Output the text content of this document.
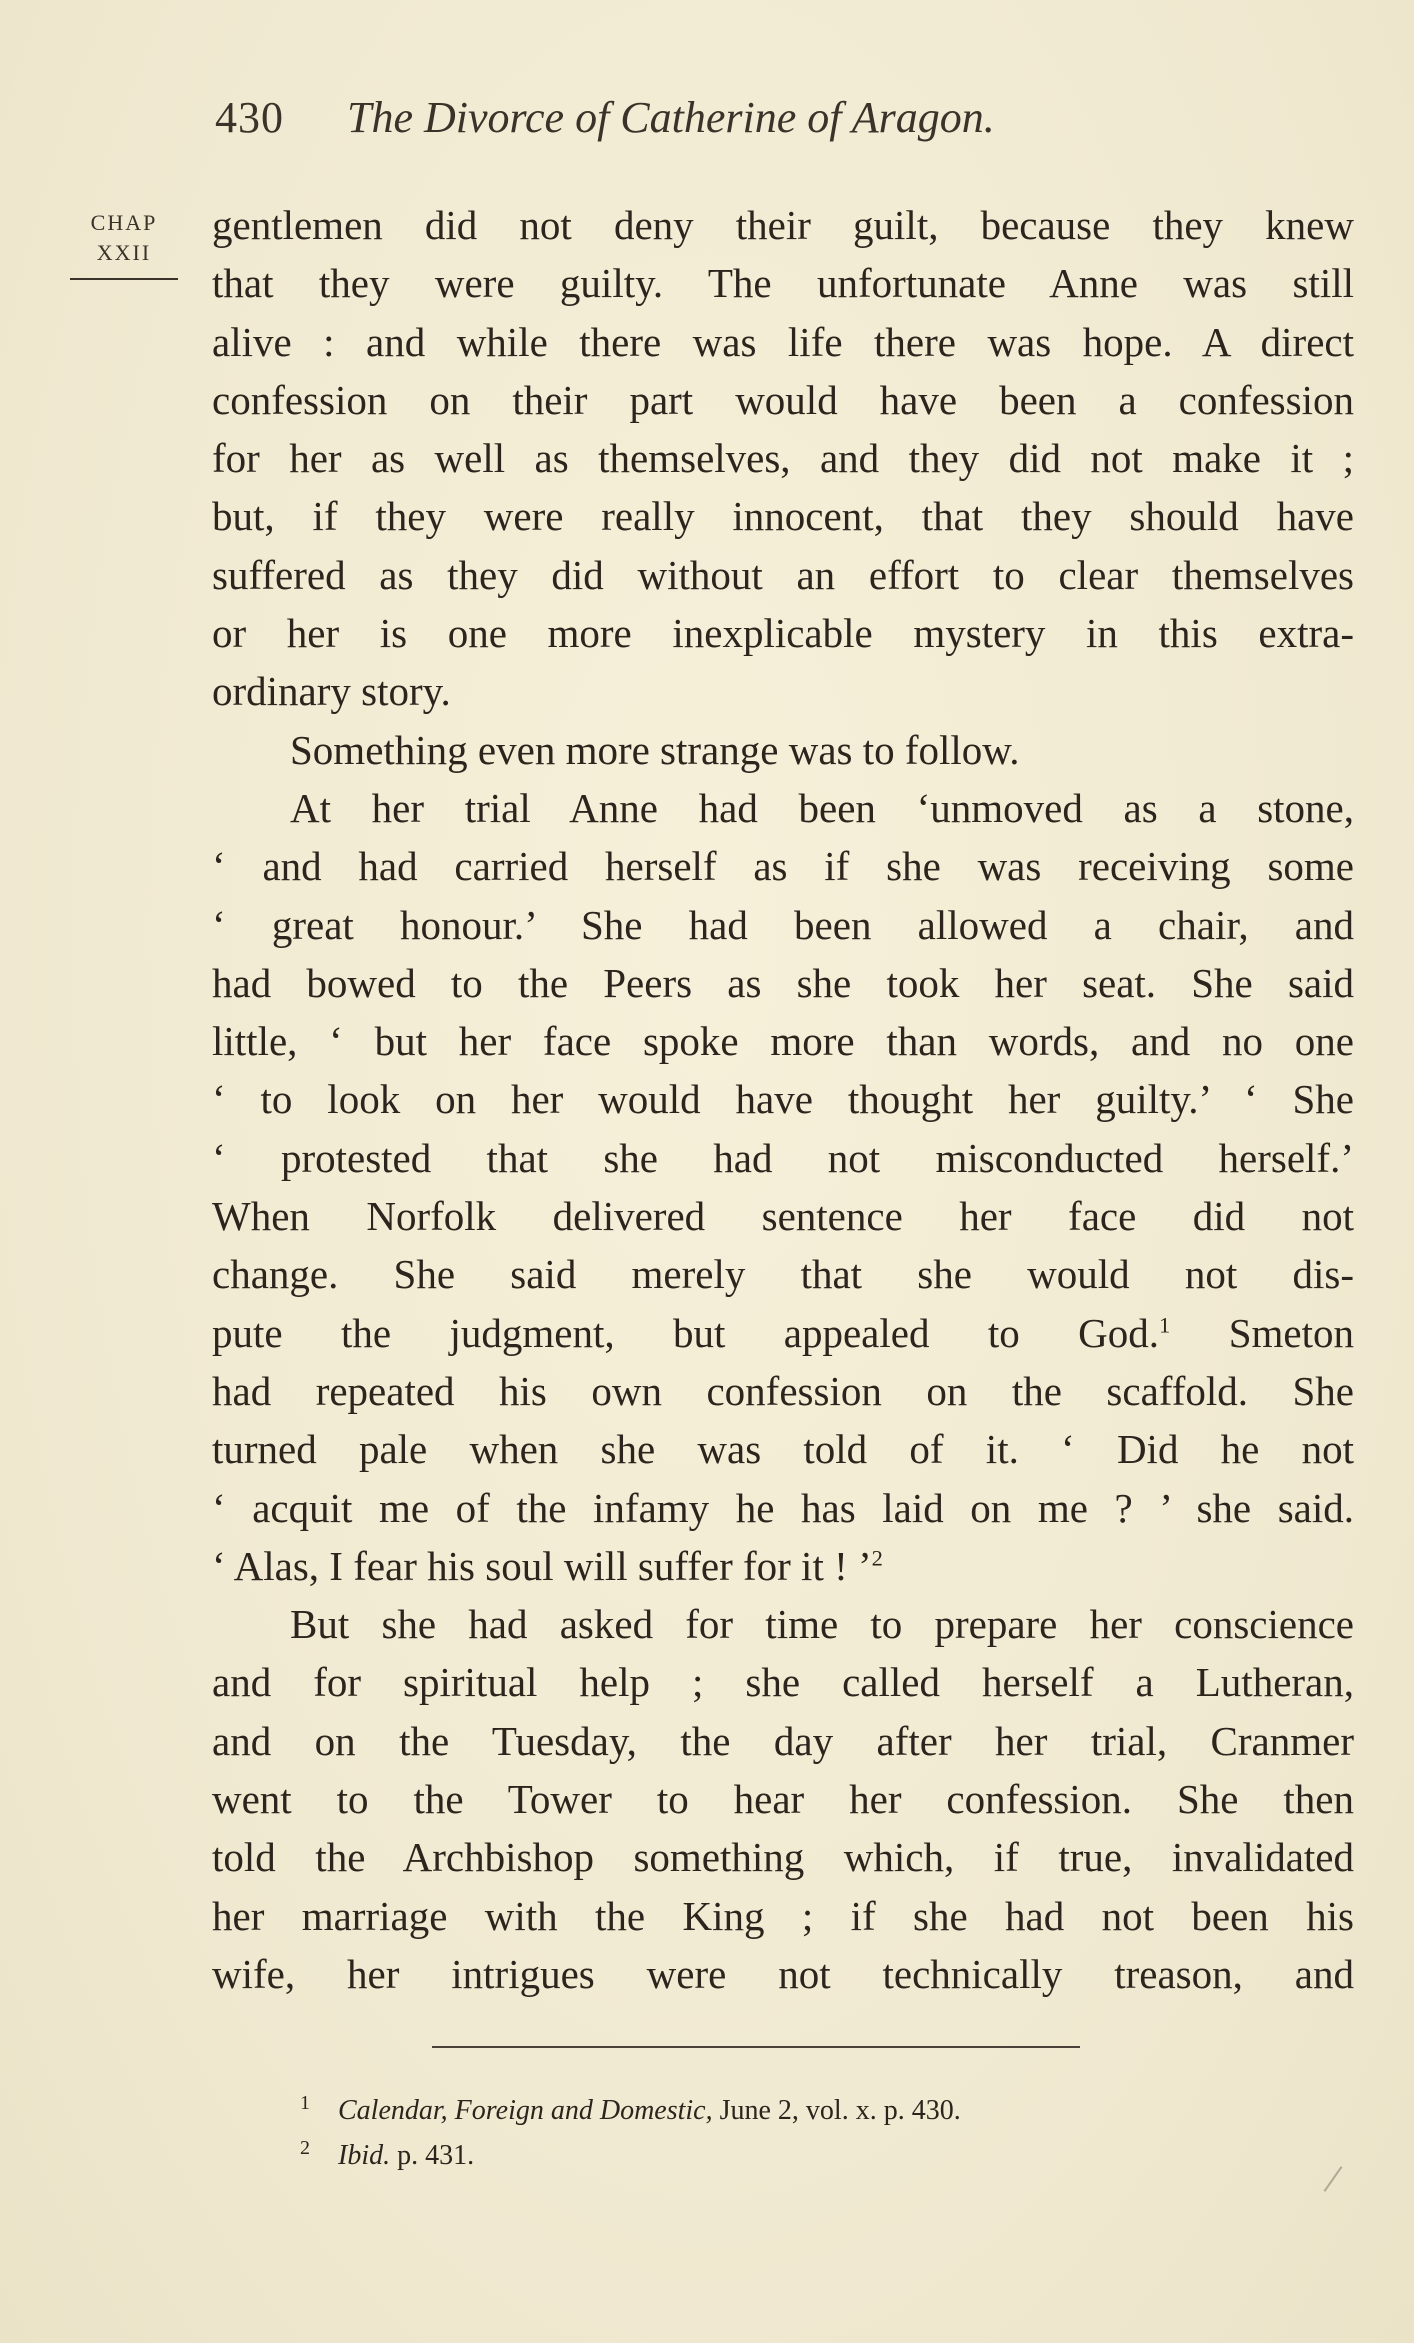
430 The Divorce of Catherine of Aragon.
CHAP
XXII
gentlemen did not deny their guilt, because they knew
that they were guilty. The unfortunate Anne was still
alive : and while there was life there was hope. A direct
confession on their part would have been a confession
for her as well as themselves, and they did not make it ;
but, if they were really innocent, that they should have
suffered as they did without an effort to clear themselves
or her is one more inexplicable mystery in this extra-
ordinary story.
Something even more strange was to follow.
At her trial Anne had been ‘unmoved as a stone,
‘ and had carried herself as if she was receiving some
‘ great honour.’ She had been allowed a chair, and
had bowed to the Peers as she took her seat. She said
little, ‘ but her face spoke more than words, and no one
‘ to look on her would have thought her guilty.’ ‘ She
‘ protested that she had not misconducted herself.’
When Norfolk delivered sentence her face did not
change. She said merely that she would not dis-
pute the judgment, but appealed to God.$^1$ Smeton
had repeated his own confession on the scaffold. She
turned pale when she was told of it. ‘ Did he not
‘ acquit me of the infamy he has laid on me ? ’ she said.
‘ Alas, I fear his soul will suffer for it ! ’$^2$
But she had asked for time to prepare her conscience
and for spiritual help ; she called herself a Lutheran,
and on the Tuesday, the day after her trial, Cranmer
went to the Tower to hear her confession. She then
told the Archbishop something which, if true, invalidated
her marriage with the King ; if she had not been his
wife, her intrigues were not technically treason, and
1 Calendar, Foreign and Domestic, June 2, vol. x. p. 430.
2 Ibid. p. 431.
